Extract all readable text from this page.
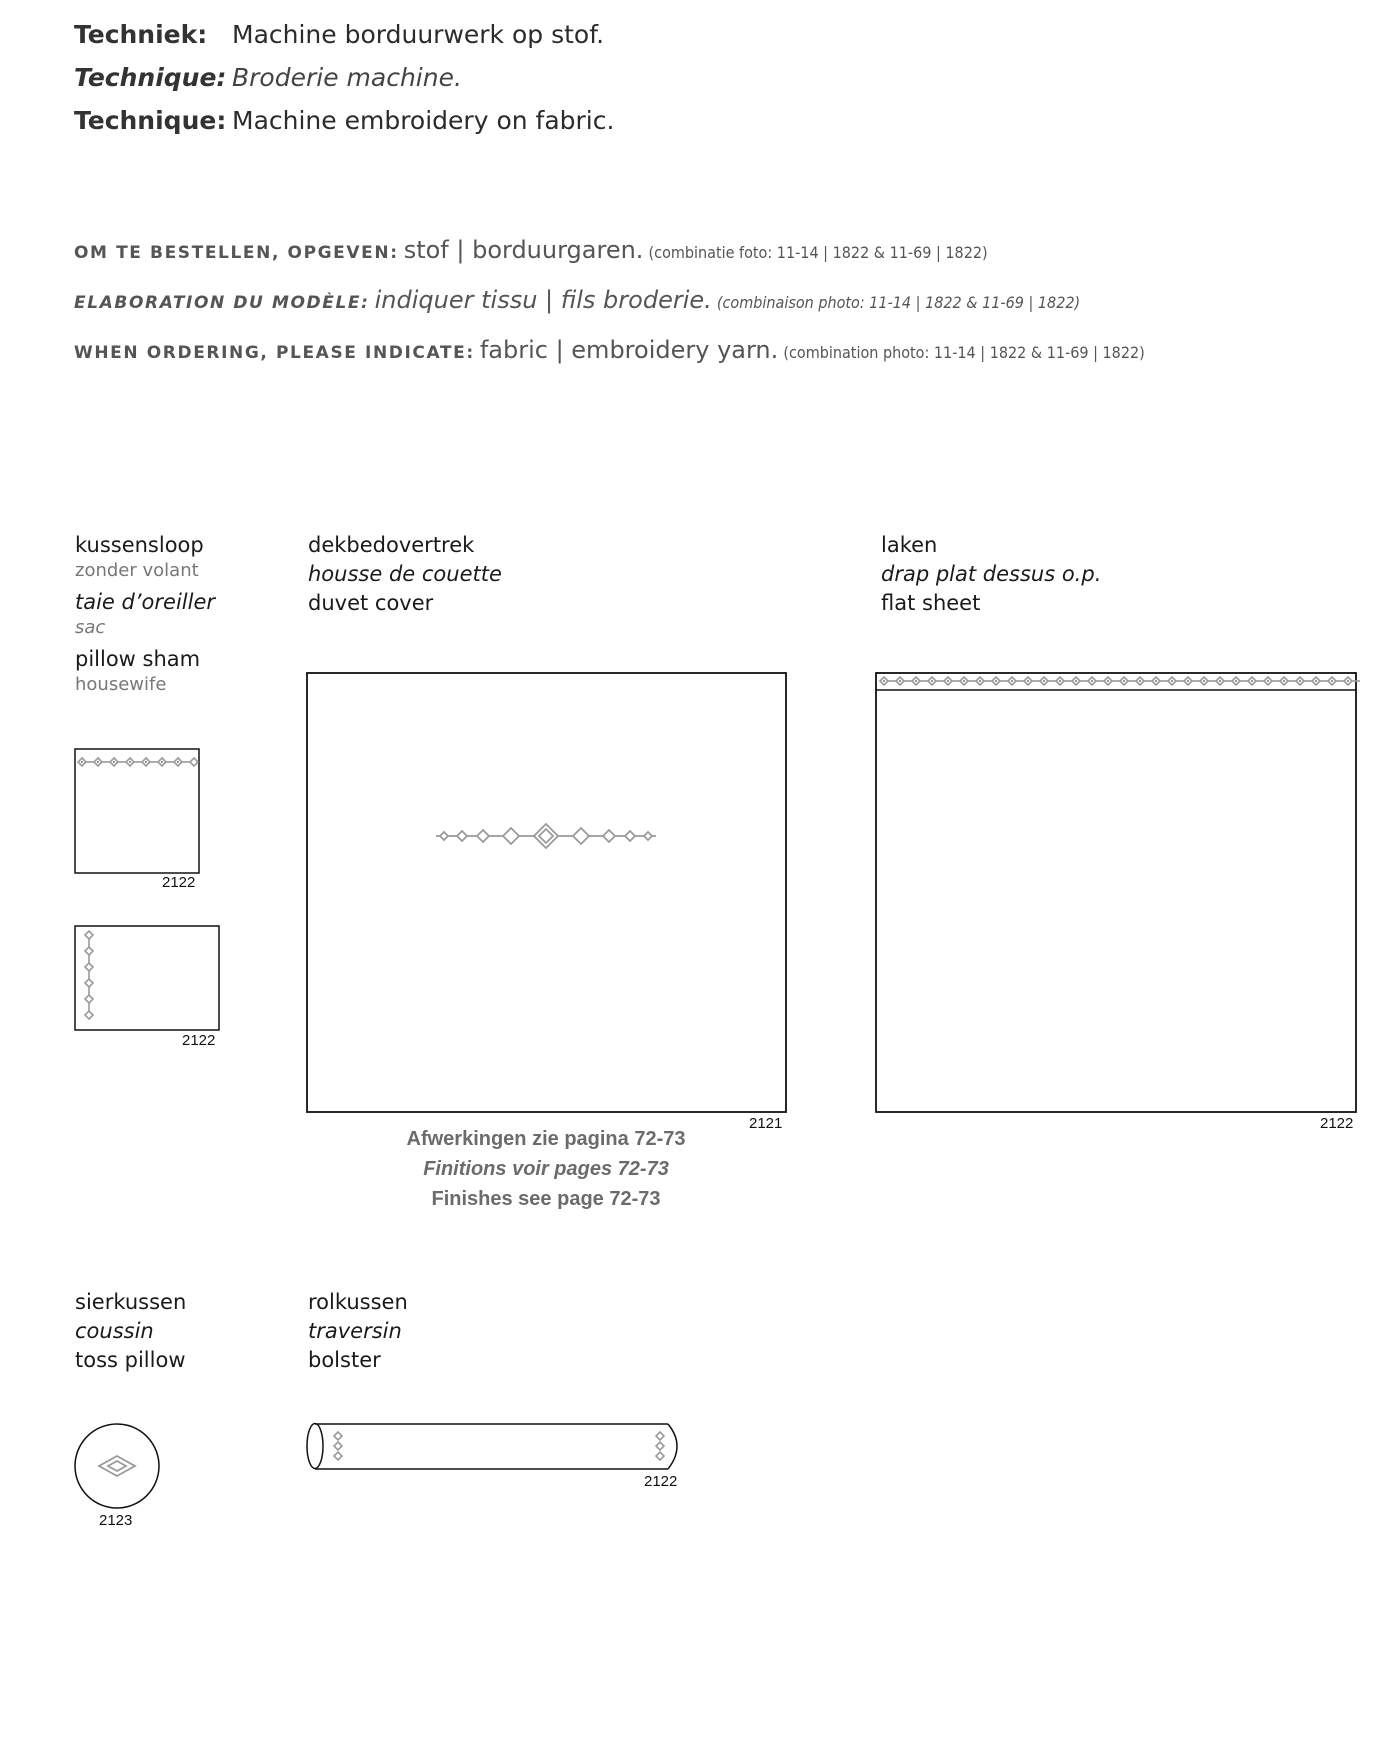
Techniek: Machine borduurwerk op stof.
Technique: Broderie machine.
Technique: Machine embroidery on fabric.
OM TE BESTELLEN, OPGEVEN: stof | borduurgaren. (combinatie foto: 11-14 | 1822 & 11-69 | 1822)
ELABORATION DU MODÈLE: indiquer tissu | fils broderie. (combinaison photo: 11-14 | 1822 & 11-69 | 1822)
WHEN ORDERING, PLEASE INDICATE: fabric | embroidery yarn. (combination photo: 11-14 | 1822 & 11-69 | 1822)
kussensloop
zonder volant
taie d’oreiller
sac
pillow sham
housewife
dekbedovertrek
housse de couette
duvet cover
laken
drap plat dessus o.p.
flat sheet
sierkussen
coussin
toss pillow
rolkussen
traversin
bolster
2122
2122
2121	2122
2123
2122
Afwerkingen zie pagina 72-73
Finitions voir pages 72-73
Finishes see page 72-73
